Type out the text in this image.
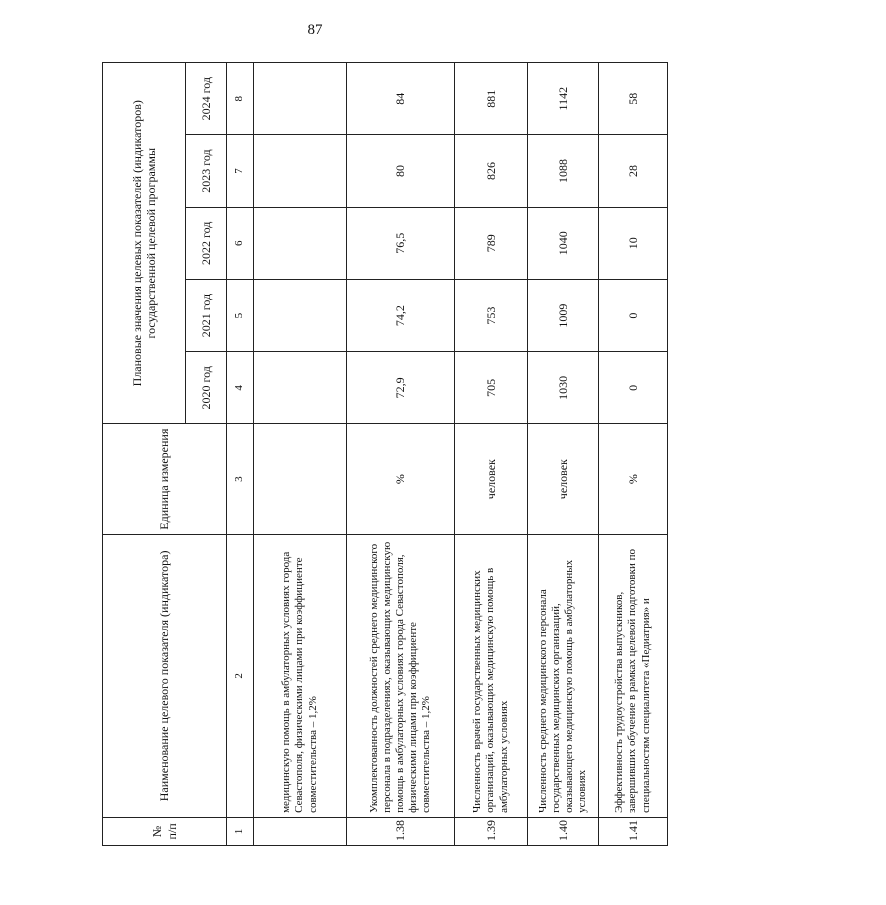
87
№
п/п	Наименование целевого показателя (индикатора)	Единица измерения	Плановые значения целевых показателей (индикаторов) государственной целевой программы				
			2020 год	2021 год	2022 год	2023 год	2024 год
1	2	3	4	5	6	7	8
	медицинскую помощь в амбулаторных условиях города Севастополя, физическими лицами при коэффициенте совместительства – 1,2%						
1.38	Укомплектованность должностей среднего медицинского персонала в подразделениях, оказывающих медицинскую помощь в амбулаторных условиях города Севастополя, физическими лицами при коэффициенте совместительства – 1,2%	%	72,9	74,2	76,5	80	84
1.39	Численность врачей государственных медицинских организаций, оказывающих медицинскую помощь в амбулаторных условиях	человек	705	753	789	826	881
1.40	Численность среднего медицинского персонала государственных медицинских организаций, оказывающего медицинскую помощь в амбулаторных условиях	человек	1030	1009	1040	1088	1142
1.41	Эффективность трудоустройства выпускников, завершивших обучение в рамках целевой подготовки по специальностям специалитета «Педиатрия» и	%	0	0	10	28	58
